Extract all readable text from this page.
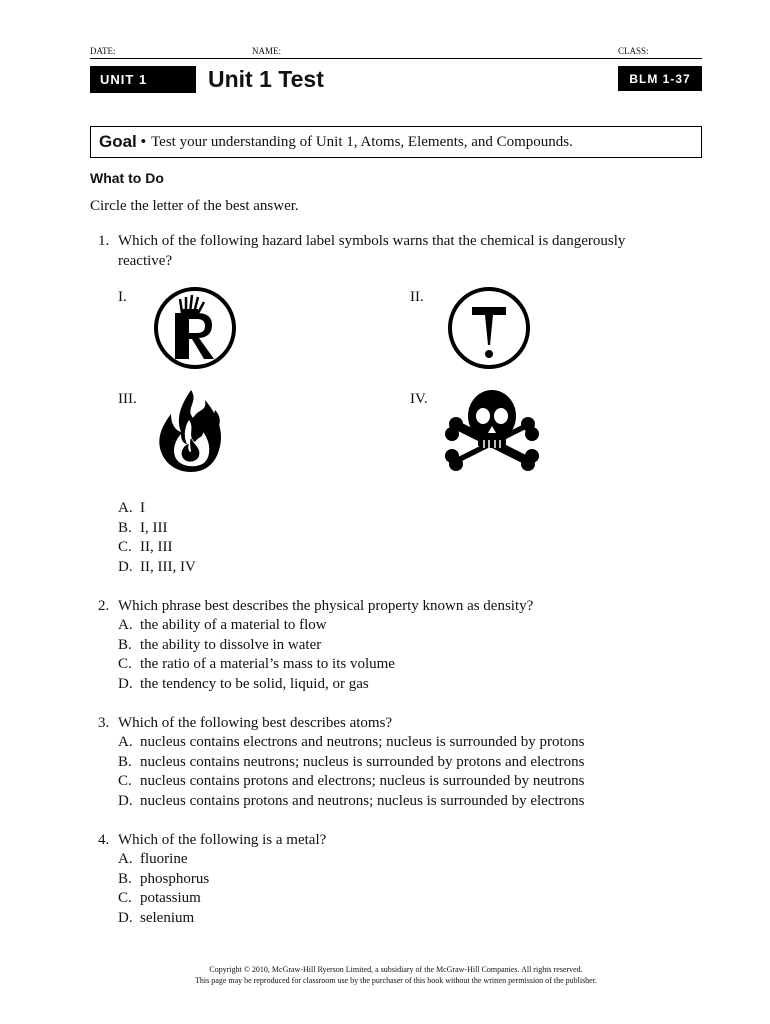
DATE:	NAME:	CLASS:
UNIT 1	Unit 1 Test	BLM 1-37
Goal • Test your understanding of Unit 1, Atoms, Elements, and Compounds.
What to Do
Circle the letter of the best answer.
1. Which of the following hazard label symbols warns that the chemical is dangerously
reactive?
I.	II.
III.	IV.
A. I
B. I, III
C. II, III
D. II, III, IV
2. Which phrase best describes the physical property known as density?
A. the ability of a material to flow
B. the ability to dissolve in water
C. the ratio of a material’s mass to its volume
D. the tendency to be solid, liquid, or gas
3. Which of the following best describes atoms?
A. nucleus contains electrons and neutrons; nucleus is surrounded by protons
B. nucleus contains neutrons; nucleus is surrounded by protons and electrons
C. nucleus contains protons and electrons; nucleus is surrounded by neutrons
D. nucleus contains protons and neutrons; nucleus is surrounded by electrons
4. Which of the following is a metal?
A. fluorine
B. phosphorus
C. potassium
D. selenium
Copyright © 2010, McGraw-Hill Ryerson Limited, a subsidiary of the McGraw-Hill Companies. All rights reserved.
This page may be reproduced for classroom use by the purchaser of this book without the written permission of the publisher.
